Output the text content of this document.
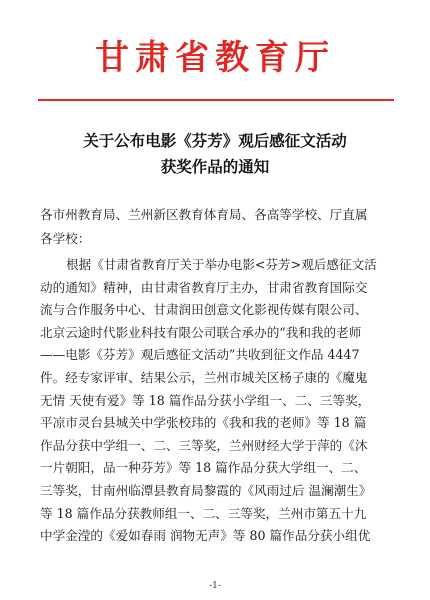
甘肃省教育厅
关于公布电影《芬芳》观后感征文活动
获奖作品的通知
各市州教育局、兰州新区教育体育局、各高等学校、厅直属
各学校：
根据《甘肃省教育厅关于举办电影<芬芳>观后感征文活
动的通知》精神，由甘肃省教育厅主办，甘肃省教育国际交
流与合作服务中心、甘肃润田创意文化影视传媒有限公司、
北京云途时代影业科技有限公司联合承办的“我和我的老师
——电影《芬芳》观后感征文活动”共收到征文作品 4447
件。经专家评审、结果公示，兰州市城关区杨子康的《魔鬼
无情 天使有爱》等 18 篇作品分获小学组一、二、三等奖，
平凉市灵台县城关中学张校玮的《我和我的老师》等 18 篇
作品分获中学组一、二、三等奖，兰州财经大学于萍的《沐
一片朝阳，品一种芬芳》等 18 篇作品分获大学组一、二、
三等奖，甘南州临潭县教育局黎霞的《风雨过后 温澜潮生》
等 18 篇作品分获教师组一、二、三等奖，兰州市第五十九
中学金滢的《爱如春雨 润物无声》等 80 篇作品分获小组优
-1-
